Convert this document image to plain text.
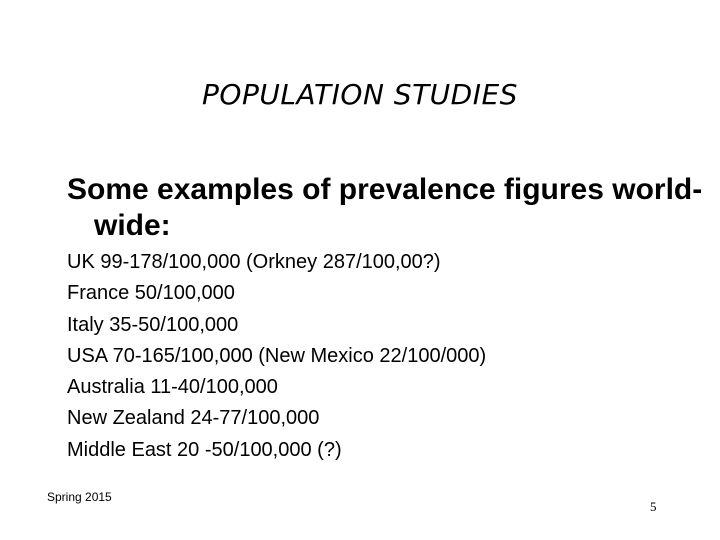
POPULATION STUDIES
Some examples of prevalence figures world-wide:
UK 99-178/100,000 (Orkney 287/100,00?)
France 50/100,000
Italy 35-50/100,000
USA 70-165/100,000 (New Mexico 22/100/000)
Australia 11-40/100,000
New Zealand 24-77/100,000
Middle East 20 -50/100,000 (?)
Spring 2015
5
